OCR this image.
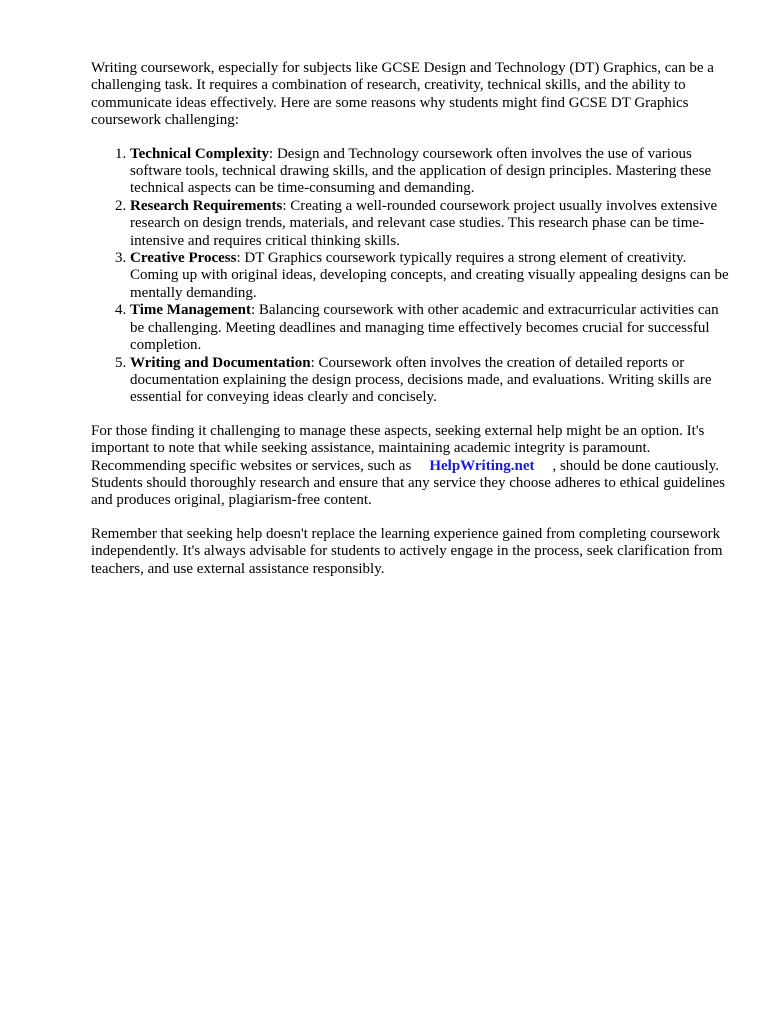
Writing coursework, especially for subjects like GCSE Design and Technology (DT) Graphics, can be a challenging task. It requires a combination of research, creativity, technical skills, and the ability to communicate ideas effectively. Here are some reasons why students might find GCSE DT Graphics coursework challenging:

1. Technical Complexity: Design and Technology coursework often involves the use of various software tools, technical drawing skills, and the application of design principles. Mastering these technical aspects can be time-consuming and demanding.
2. Research Requirements: Creating a well-rounded coursework project usually involves extensive research on design trends, materials, and relevant case studies. This research phase can be time-intensive and requires critical thinking skills.
3. Creative Process: DT Graphics coursework typically requires a strong element of creativity. Coming up with original ideas, developing concepts, and creating visually appealing designs can be mentally demanding.
4. Time Management: Balancing coursework with other academic and extracurricular activities can be challenging. Meeting deadlines and managing time effectively becomes crucial for successful completion.
5. Writing and Documentation: Coursework often involves the creation of detailed reports or documentation explaining the design process, decisions made, and evaluations. Writing skills are essential for conveying ideas clearly and concisely.

For those finding it challenging to manage these aspects, seeking external help might be an option. It's important to note that while seeking assistance, maintaining academic integrity is paramount. Recommending specific websites or services, such as HelpWriting.net , should be done cautiously. Students should thoroughly research and ensure that any service they choose adheres to ethical guidelines and produces original, plagiarism-free content.

Remember that seeking help doesn't replace the learning experience gained from completing coursework independently. It's always advisable for students to actively engage in the process, seek clarification from teachers, and use external assistance responsibly.
